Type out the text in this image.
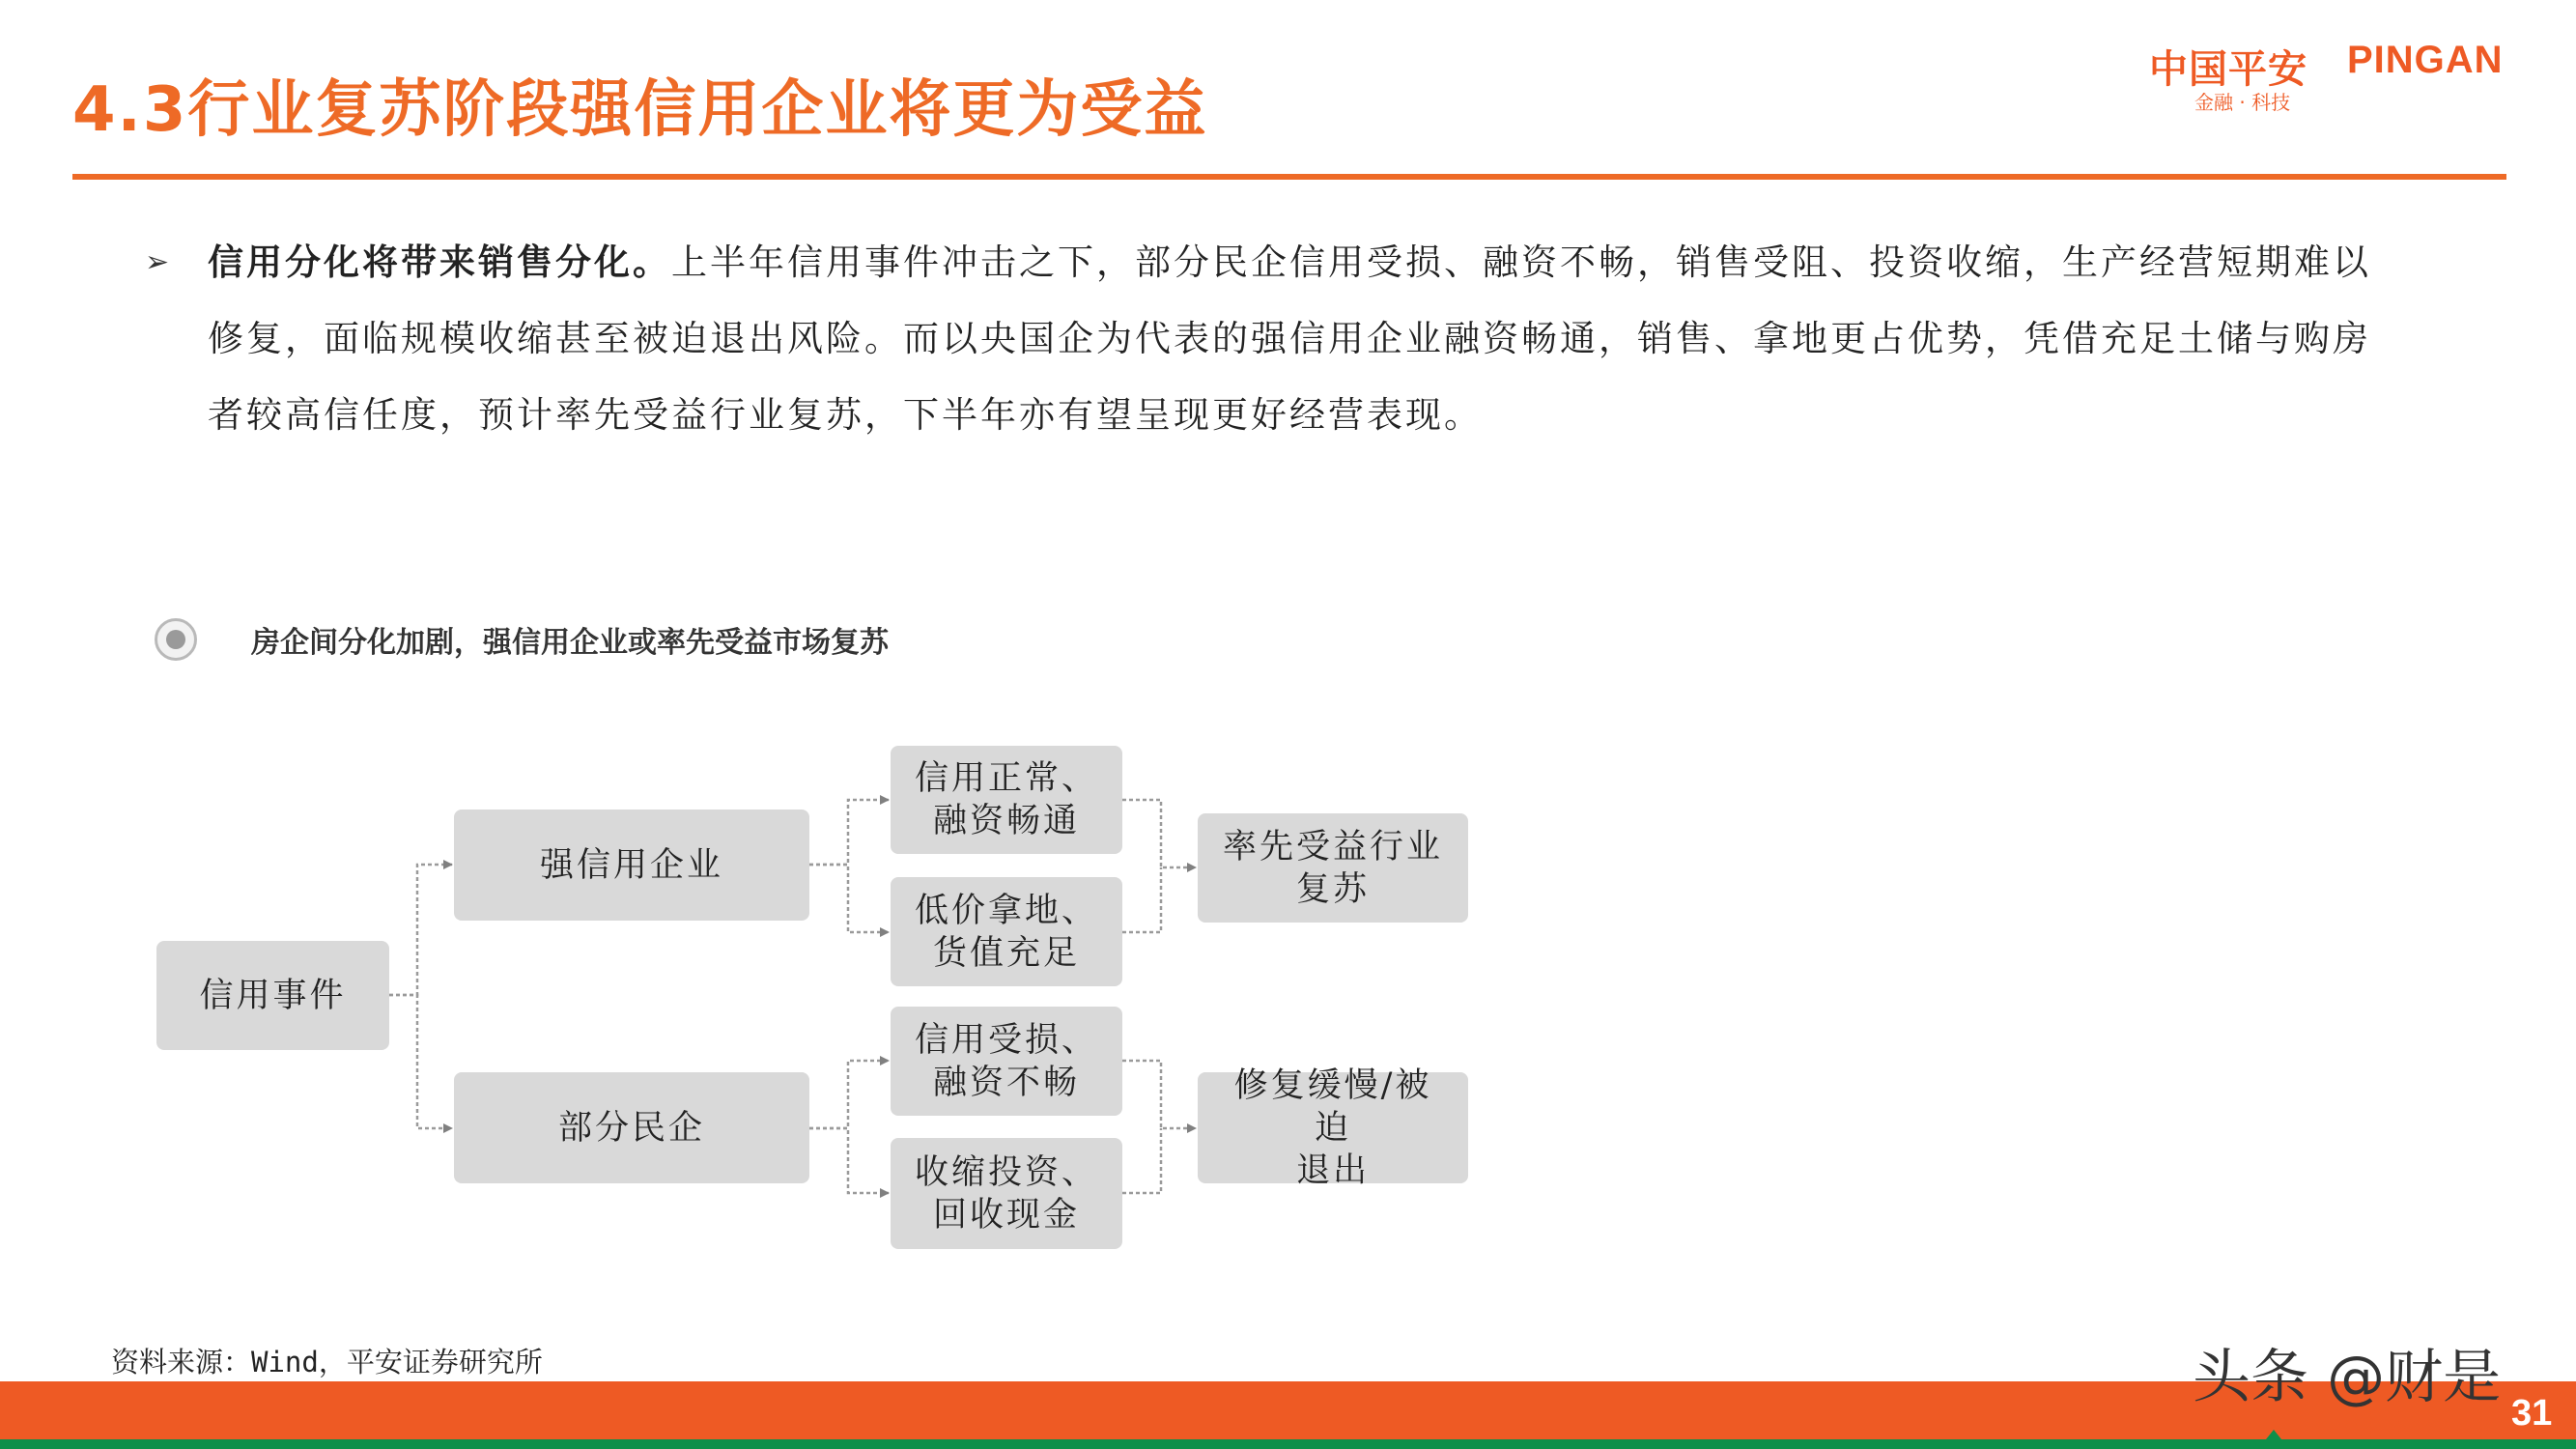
4.3行业复苏阶段强信用企业将更为受益
中国平安 PINGAN
金融 · 科技
➢ 信用分化将带来销售分化。上半年信用事件冲击之下，部分民企信用受损、融资不畅，销售受阻、投资收缩，生产经营短期难以修复，面临规模收缩甚至被迫退出风险。而以央国企为代表的强信用企业融资畅通，销售、拿地更占优势，凭借充足土储与购房者较高信任度，预计率先受益行业复苏，下半年亦有望呈现更好经营表现。
房企间分化加剧，强信用企业或率先受益市场复苏
信用事件
强信用企业
部分民企
信用正常、
融资畅通
低价拿地、
货值充足
信用受损、
融资不畅
收缩投资、
回收现金
率先受益行业
复苏
修复缓慢/被迫
退出
资料来源：Wind，平安证券研究所	头条 @财是
31
